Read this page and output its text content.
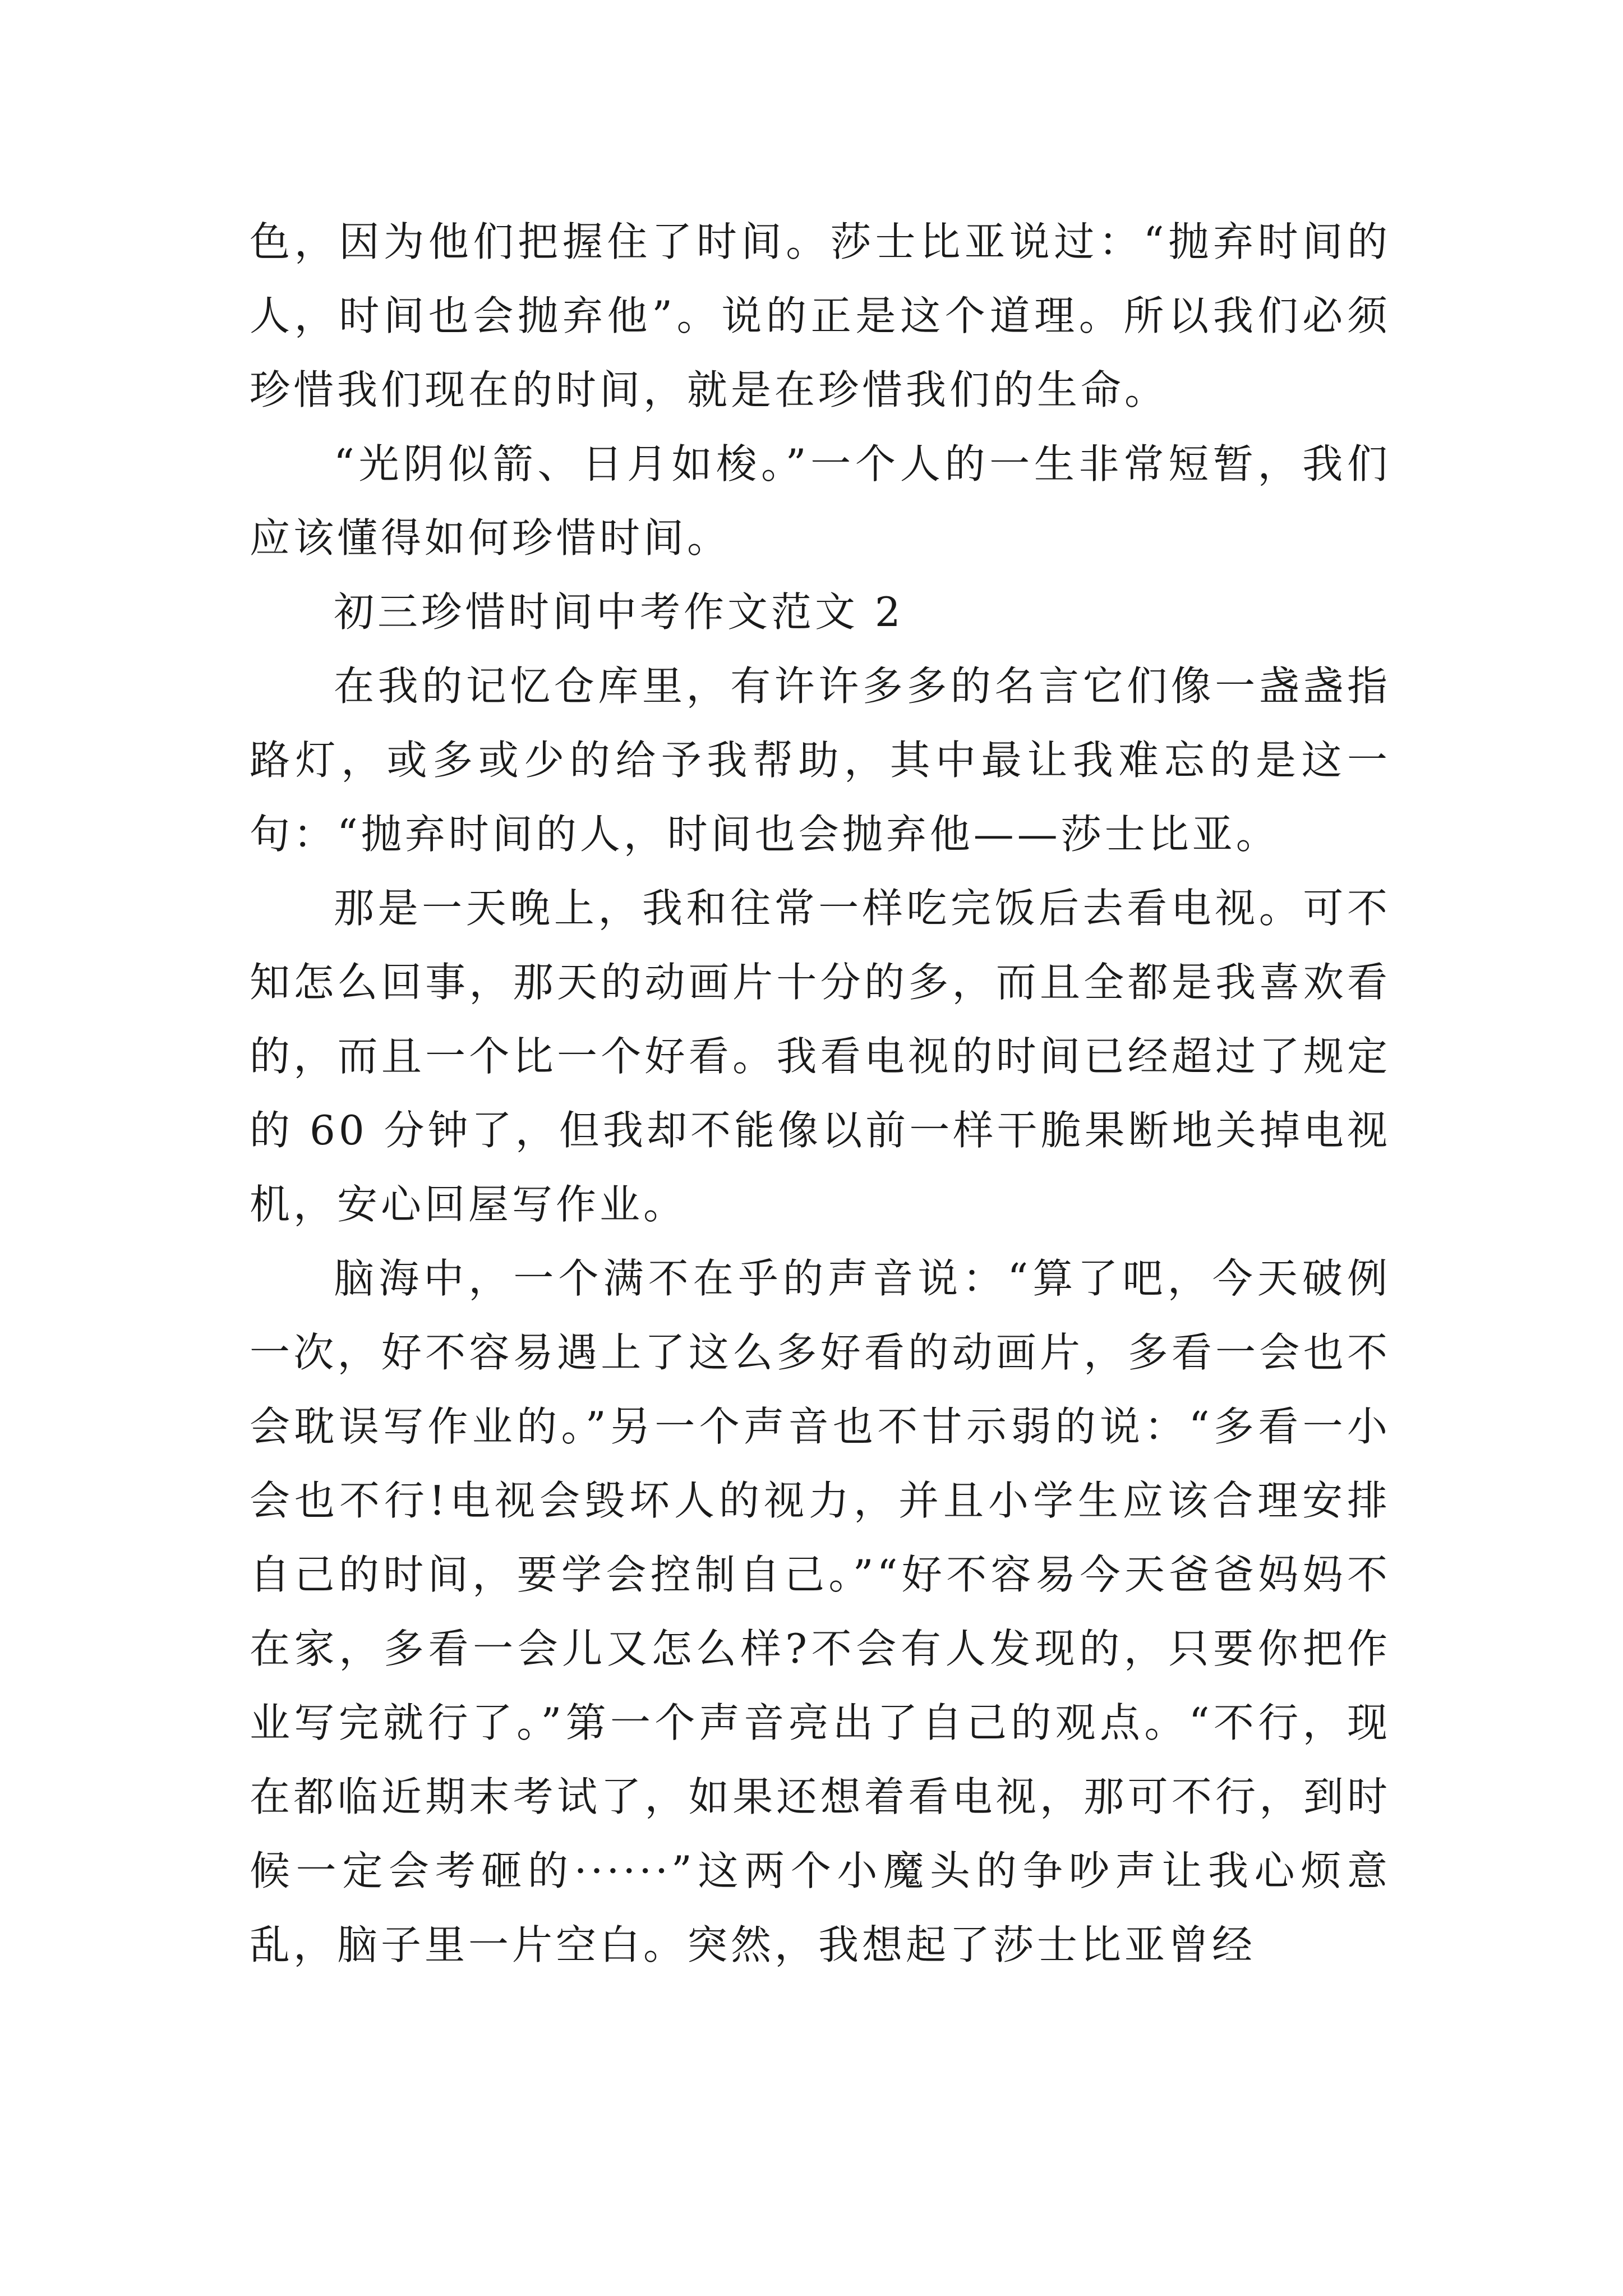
色，因为他们把握住了时间。莎士比亚说过：“抛弃时间的人，时间也会抛弃他”。说的正是这个道理。所以我们必须珍惜我们现在的时间，就是在珍惜我们的生命。

“光阴似箭、日月如梭。”一个人的一生非常短暂，我们应该懂得如何珍惜时间。

初三珍惜时间中考作文范文 2

在我的记忆仓库里，有许许多多的名言它们像一盏盏指路灯，或多或少的给予我帮助，其中最让我难忘的是这一句：“抛弃时间的人，时间也会抛弃他——莎士比亚。

那是一天晚上，我和往常一样吃完饭后去看电视。可不知怎么回事，那天的动画片十分的多，而且全都是我喜欢看的，而且一个比一个好看。我看电视的时间已经超过了规定的 60 分钟了，但我却不能像以前一样干脆果断地关掉电视机，安心回屋写作业。

脑海中，一个满不在乎的声音说：“算了吧，今天破例一次，好不容易遇上了这么多好看的动画片，多看一会也不会耽误写作业的。”另一个声音也不甘示弱的说：“多看一小会也不行!电视会毁坏人的视力，并且小学生应该合理安排自己的时间，要学会控制自己。”“好不容易今天爸爸妈妈不在家，多看一会儿又怎么样?不会有人发现的，只要你把作业写完就行了。”第一个声音亮出了自己的观点。“不行，现在都临近期末考试了，如果还想着看电视，那可不行，到时候一定会考砸的······”这两个小魔头的争吵声让我心烦意乱，脑子里一片空白。突然，我想起了莎士比亚曾经
